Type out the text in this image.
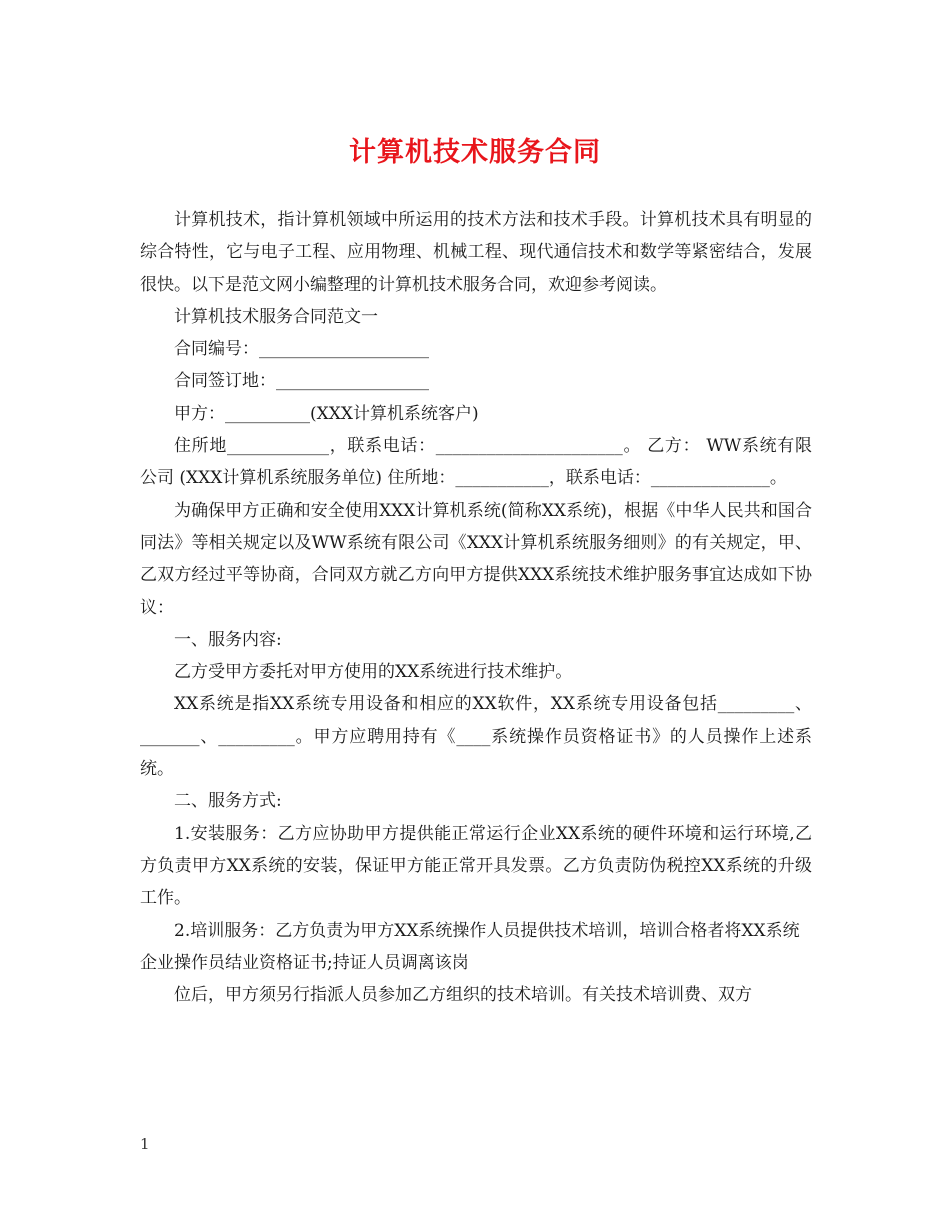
计算机技术服务合同

计算机技术，指计算机领域中所运用的技术方法和技术手段。计算机技术具有明显的综合特性，它与电子工程、应用物理、机械工程、现代通信技术和数学等紧密结合，发展很快。以下是范文网小编整理的计算机技术服务合同，欢迎参考阅读。

计算机技术服务合同范文一

合同编号：____________________

合同签订地：__________________

甲方：__________(XXX计算机系统客户)

住所地____________，联系电话：______________________。 乙方： WW系统有限公司 (XXX计算机系统服务单位) 住所地：___________，联系电话：______________。

为确保甲方正确和安全使用XXX计算机系统(简称XX系统)，根据《中华人民共和国合同法》等相关规定以及WW系统有限公司《XXX计算机系统服务细则》的有关规定，甲、乙双方经过平等协商，合同双方就乙方向甲方提供XXX系统技术维护服务事宜达成如下协议：

一、服务内容:

乙方受甲方委托对甲方使用的XX系统进行技术维护。

XX系统是指XX系统专用设备和相应的XX软件，XX系统专用设备包括_________、_______、_________。甲方应聘用持有《____系统操作员资格证书》的人员操作上述系统。

二、服务方式:

1.安装服务：乙方应协助甲方提供能正常运行企业XX系统的硬件环境和运行环境,乙方负责甲方XX系统的安装，保证甲方能正常开具发票。乙方负责防伪税控XX系统的升级工作。

2.培训服务：乙方负责为甲方XX系统操作人员提供技术培训，培训合格者将XX系统企业操作员结业资格证书;持证人员调离该岗

位后，甲方须另行指派人员参加乙方组织的技术培训。有关技术培训费、双方

1
